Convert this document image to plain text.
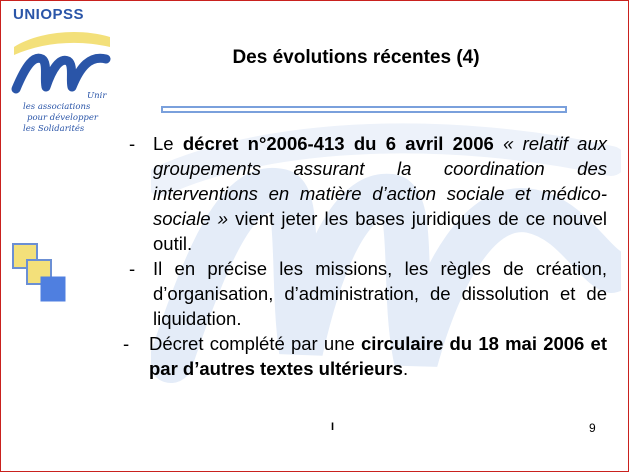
UNIOPSS
Unir
les associations
pour développer
les Solidarités
Des évolutions récentes (4)

- Le décret n°2006-413 du 6 avril 2006 « relatif aux groupements assurant la coordination des interventions en matière d’action sociale et médico-sociale » vient jeter les bases juridiques de ce nouvel outil.

- Il en précise les missions, les règles de création, d’organisation, d’administration, de dissolution et de liquidation.

- Décret complété par une circulaire du 18 mai 2006 et par d’autres textes ultérieurs.

I	9
